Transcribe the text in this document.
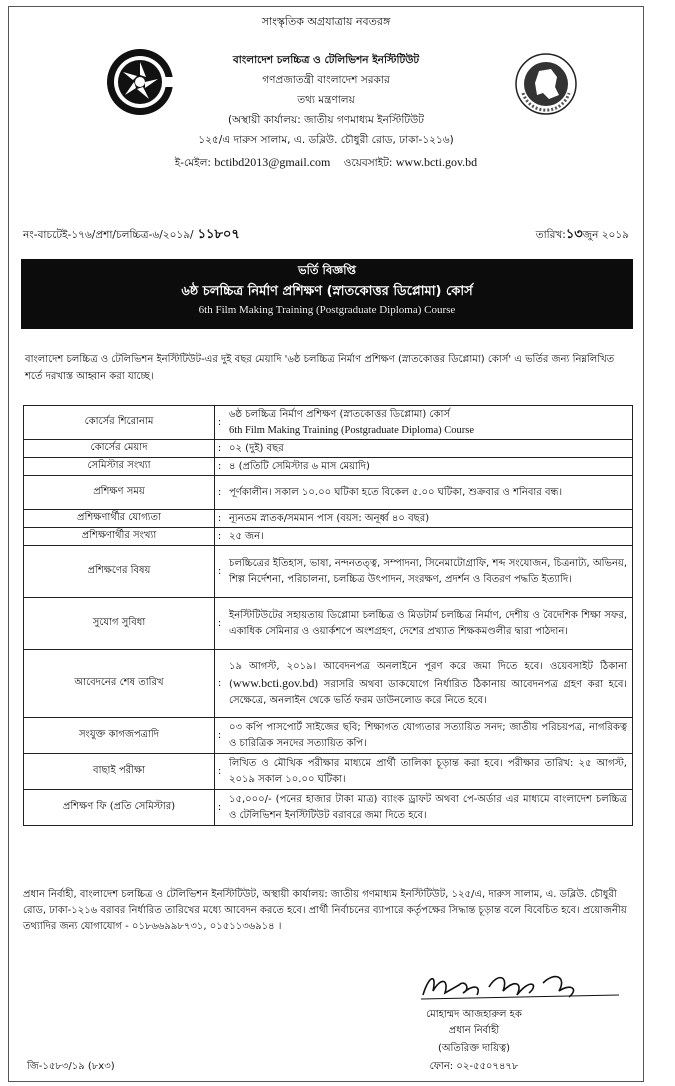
সাংস্কৃতিক অগ্রযাত্রায় নবতরঙ্গ
বাংলাদেশ চলচ্চিত্র ও টেলিভিশন ইনস্টিটিউট
গণপ্রজাতন্ত্রী বাংলাদেশ সরকার
তথ্য মন্ত্রণালয়
(অস্থায়ী কার্যালয়: জাতীয় গণমাধ্যম ইনস্টিটিউট
১২৫/এ দারুস সালাম, এ. ডব্লিউ. চৌধুরী রোড, ঢাকা-১২১৬)
ই-মেইল: bctibd2013@gmail.com ওয়েবসাইট: www.bcti.gov.bd
নং-বাচটেই-১৭৬/প্রশা/চলচ্চিত্র-৬/২০১৯/ ১১৮০৭	তারিখ:১৩জুন ২০১৯
ভর্তি বিজ্ঞপ্তি
৬ষ্ঠ চলচ্চিত্র নির্মাণ প্রশিক্ষণ (স্নাতকোত্তর ডিপ্লোমা) কোর্স
6th Film Making Training (Postgraduate Diploma) Course
বাংলাদেশ চলচ্চিত্র ও টেলিভিশন ইনস্টিটিউট-এর দুই বছর মেয়াদি '৬ষ্ঠ চলচ্চিত্র নির্মাণ প্রশিক্ষণ (স্নাতকোত্তর ডিপ্লোমা) কোর্স' এ ভর্তির জন্য নিম্নলিখিত শর্তে দরখাস্ত আহ্বান করা যাচ্ছে।
কোর্সের শিরোনাম	:	৬ষ্ঠ চলচ্চিত্র নির্মাণ প্রশিক্ষণ (স্নাতকোত্তর ডিপ্লোমা) কোর্স
6th Film Making Training (Postgraduate Diploma) Course

কোর্সের মেয়াদ	:	০২ (দুই) বছর

সেমিস্টার সংখ্যা	:	৪ (প্রতিটি সেমিস্টার ৬ মাস মেয়াদি)

প্রশিক্ষণ সময়	:	পূর্ণকালীন। সকাল ১০.০০ ঘটিকা হতে বিকেল ৫.০০ ঘটিকা, শুক্রবার ও শনিবার বন্ধ।

প্রশিক্ষণার্থীর যোগ্যতা	:	ন্যূনতম স্নাতক/সমমান পাস (বয়স: অনূর্ধ্ব ৪০ বছর)

প্রশিক্ষণার্থীর সংখ্যা	:	২৫ জন।

প্রশিক্ষণের বিষয়	:	চলচ্চিত্রের ইতিহাস, ভাষা, নন্দনতত্ত্ব, সম্পাদনা, সিনেমাটোগ্রাফি, শব্দ সংযোজন, চিত্রনাট্য, অভিনয়, শিল্প নির্দেশনা, পরিচালনা, চলচ্চিত্র উৎপাদন, সংরক্ষণ, প্রদর্শন ও বিতরণ পদ্ধতি ইত্যাদি।

সুযোগ সুবিধা	:	ইনস্টিটিউটের সহায়তায় ডিপ্লোমা চলচ্চিত্র ও মিডটার্ম চলচ্চিত্র নির্মাণ, দেশীয় ও বৈদেশিক শিক্ষা সফর, একাধিক সেমিনার ও ওয়ার্কশপে অংশগ্রহণ, দেশের প্রখ্যাত শিক্ষকমণ্ডলীর দ্বারা পাঠদান।

আবেদনের শেষ তারিখ	:	১৯ আগস্ট, ২০১৯। আবেদনপত্র অনলাইনে পূরণ করে জমা দিতে হবে। ওয়েবসাইট ঠিকানা (www.bcti.gov.bd) সরাসরি অথবা ডাকযোগে নির্ধারিত ঠিকানায় আবেদনপত্র গ্রহণ করা হবে। সেক্ষেত্রে, অনলাইন থেকে ভর্তি ফরম ডাউনলোড করে নিতে হবে।
সংযুক্ত কাগজপত্রাদি	:	০৩ কপি পাসপোর্ট সাইজের ছবি; শিক্ষাগত যোগ্যতার সত্যায়িত সনদ; জাতীয় পরিচয়পত্র, নাগরিকত্ব ও চারিত্রিক সনদের সত্যায়িত কপি।

বাছাই পরীক্ষা	:	লিখিত ও মৌখিক পরীক্ষার মাধ্যমে প্রার্থী তালিকা চূড়ান্ত করা হবে। পরীক্ষার তারিখ: ২৫ আগস্ট, ২০১৯ সকাল ১০.০০ ঘটিকা।

প্রশিক্ষণ ফি (প্রতি সেমিস্টার)	:	১৫,০০০/- (পনের হাজার টাকা মাত্র) ব্যাংক ড্রাফট অথবা পে-অর্ডার এর মাধ্যমে বাংলাদেশ চলচ্চিত্র ও টেলিভিশন ইনস্টিটিউট বরাবরে জমা দিতে হবে।
প্রধান নির্বাহী, বাংলাদেশ চলচ্চিত্র ও টেলিভিশন ইনস্টিটিউট, অস্থায়ী কার্যালয়: জাতীয় গণমাধ্যম ইনস্টিটিউট, ১২৫/এ, দারুস সালাম, এ. ডব্লিউ. চৌধুরী রোড, ঢাকা-১২১৬ বরাবর নির্ধারিত তারিখের মধ্যে আবেদন করতে হবে। প্রার্থী নির্বাচনের ব্যাপারে কর্তৃপক্ষের সিদ্ধান্ত চূড়ান্ত বলে বিবেচিত হবে। প্রয়োজনীয় তথ্যাদির জন্য যোগাযোগ - ০১৮৬৬৯৯৮৭৩১, ০১৫১১৩৬৯১৪ ।
মোহাম্মদ আজহারুল হক
প্রধান নির্বাহী
(অতিরিক্ত দায়িত্ব)
ফোন: ০২-৫৫০৭৪৭৮
জি-১৫৮৩/১৯ (৮x৩)
